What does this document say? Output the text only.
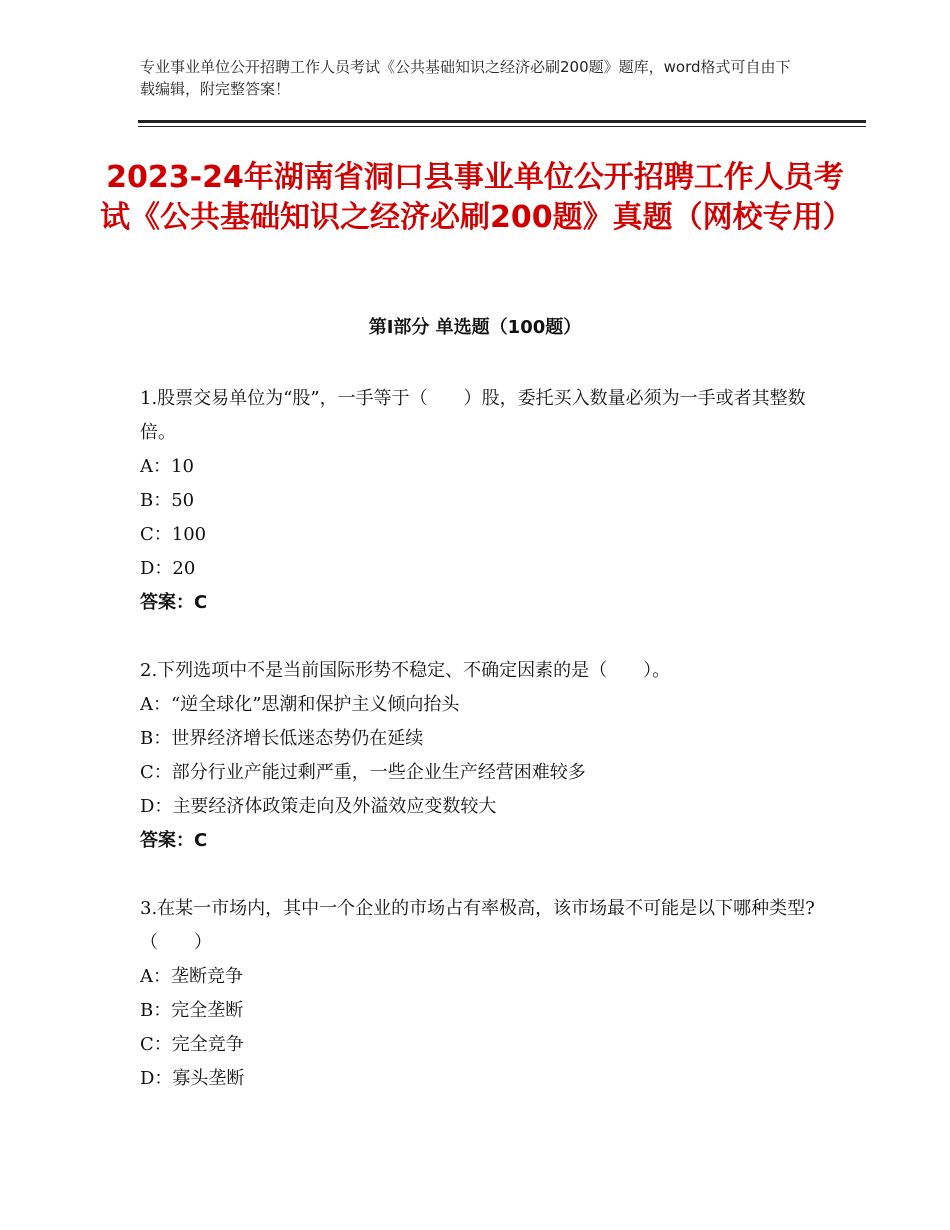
专业事业单位公开招聘工作人员考试《公共基础知识之经济必刷200题》题库，word格式可自由下载编辑，附完整答案！
2023-24年湖南省洞口县事业单位公开招聘工作人员考试《公共基础知识之经济必刷200题》真题（网校专用）
第Ⅰ部分 单选题（100题）

1.股票交易单位为“股”，一手等于（　　）股，委托买入数量必须为一手或者其整数倍。

A：10

B：50

C：100

D：20

答案：C

2.下列选项中不是当前国际形势不稳定、不确定因素的是（　　）。

A：“逆全球化”思潮和保护主义倾向抬头

B：世界经济增长低迷态势仍在延续

C：部分行业产能过剩严重，一些企业生产经营困难较多

D：主要经济体政策走向及外溢效应变数较大

答案：C

3.在某一市场内，其中一个企业的市场占有率极高，该市场最不可能是以下哪种类型?（　　）

A：垄断竞争

B：完全垄断

C：完全竞争

D：寡头垄断
